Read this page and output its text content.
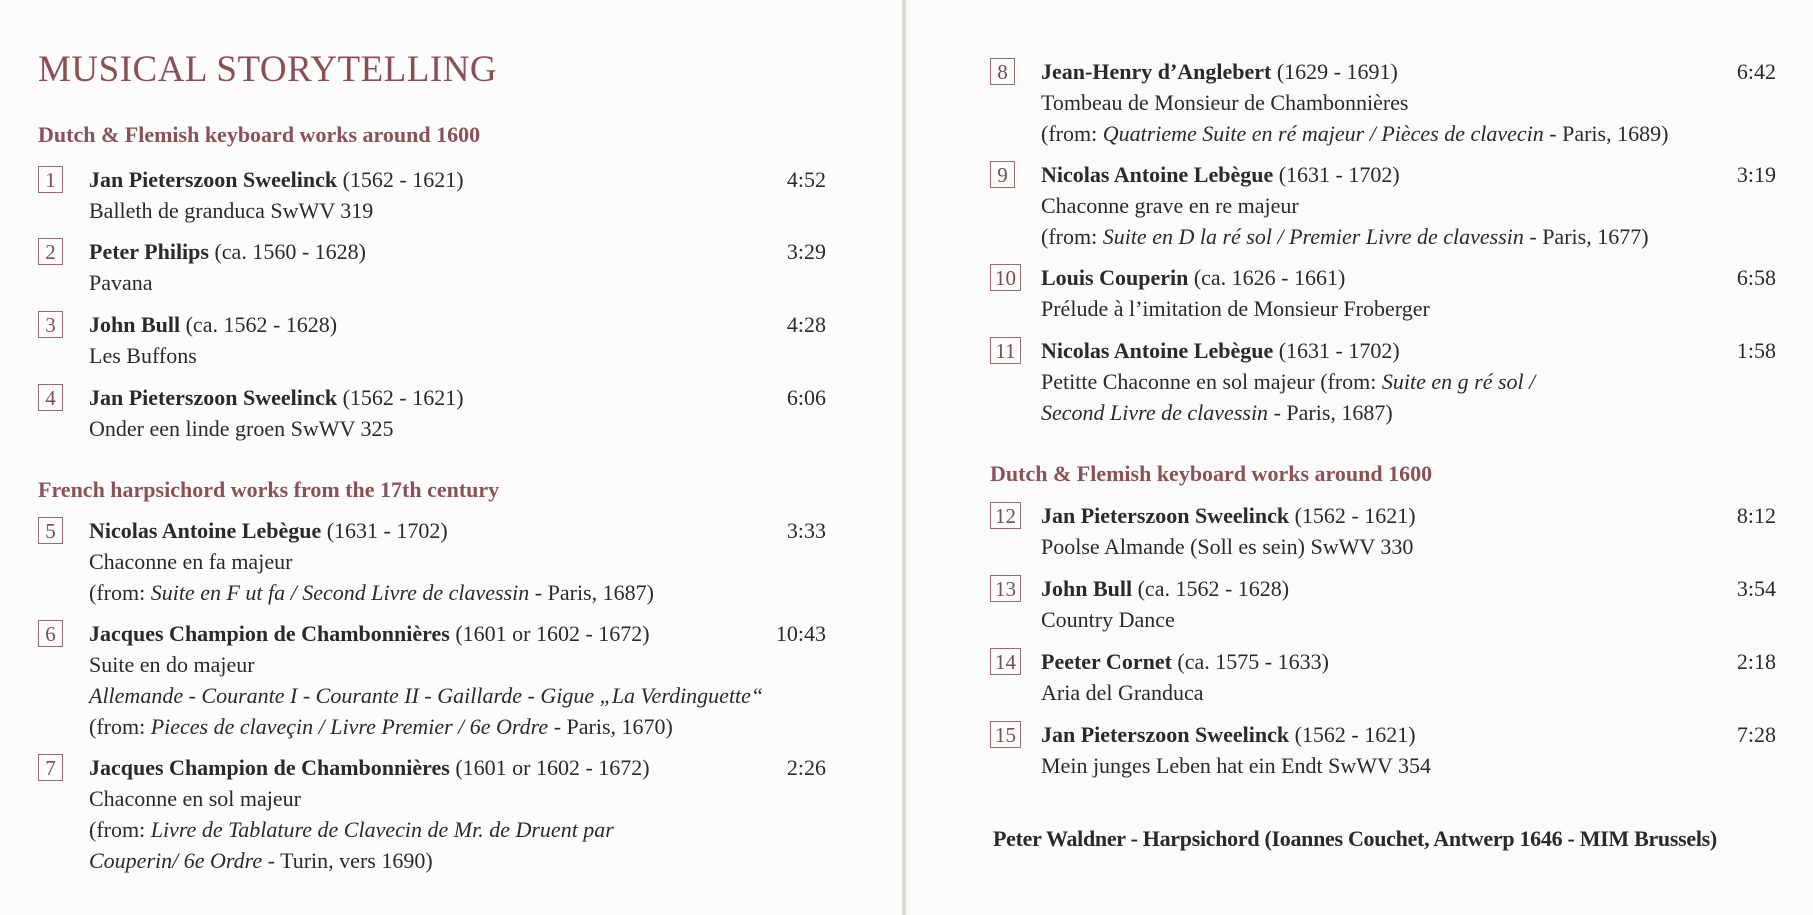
MUSICAL STORYTELLING
Dutch & Flemish keyboard works around 1600
1	Jan Pieterszoon Sweelinck (1562 - 1621)
Balleth de granduca SwWV 319
4:52
2	Peter Philips (ca. 1560 - 1628)
Pavana
3:29
3	John Bull (ca. 1562 - 1628)
Les Buffons
4:28
4	Jan Pieterszoon Sweelinck (1562 - 1621)
Onder een linde groen SwWV 325
6:06
French harpsichord works from the 17th century
5	Nicolas Antoine Lebègue (1631 - 1702)
Chaconne en fa majeur
(from: Suite en F ut fa / Second Livre de clavessin - Paris, 1687)
3:33
6	Jacques Champion de Chambonnières (1601 or 1602 - 1672)
Suite en do majeur
Allemande - Courante I - Courante II - Gaillarde - Gigue „La Verdinguette“
(from: Pieces de claveçin / Livre Premier / 6e Ordre - Paris, 1670)
10:43
7	Jacques Champion de Chambonnières (1601 or 1602 - 1672)
Chaconne en sol majeur
(from: Livre de Tablature de Clavecin de Mr. de Druent par
Couperin/ 6e Ordre - Turin, vers 1690)
2:26
8	Jean-Henry d’Anglebert (1629 - 1691)
Tombeau de Monsieur de Chambonnières
(from: Quatrieme Suite en ré majeur / Pièces de clavecin - Paris, 1689)
6:42
9	Nicolas Antoine Lebègue (1631 - 1702)
Chaconne grave en re majeur
(from: Suite en D la ré sol / Premier Livre de clavessin - Paris, 1677)
3:19
10 Louis Couperin (ca. 1626 - 1661)
Prélude à l’imitation de Monsieur Froberger
6:58
11 Nicolas Antoine Lebègue (1631 - 1702)
Petitte Chaconne en sol majeur (from: Suite en g ré sol /
Second Livre de clavessin - Paris, 1687)
1:58
Dutch & Flemish keyboard works around 1600
12 Jan Pieterszoon Sweelinck (1562 - 1621)
Poolse Almande (Soll es sein) SwWV 330
8:12
13 John Bull (ca. 1562 - 1628)
Country Dance
3:54
14 Peeter Cornet (ca. 1575 - 1633)
Aria del Granduca
2:18
15 Jan Pieterszoon Sweelinck (1562 - 1621)
Mein junges Leben hat ein Endt SwWV 354
7:28
Peter Waldner - Harpsichord (Ioannes Couchet, Antwerp 1646 - MIM Brussels)
